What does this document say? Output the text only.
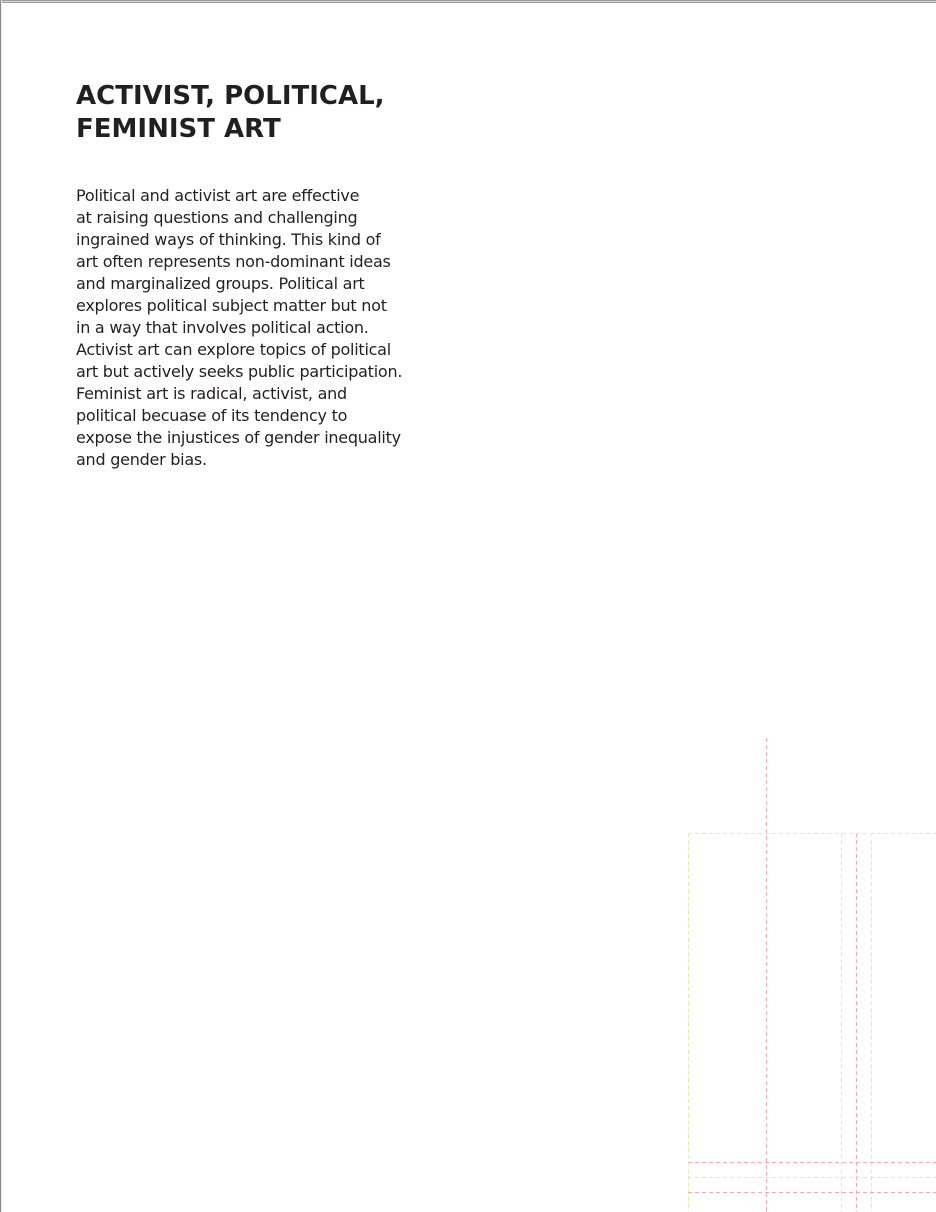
ACTIVIST, POLITICAL,
FEMINIST ART

Political and activist art are effective
at raising questions and challenging
ingrained ways of thinking. This kind of
art often represents non-dominant ideas
and marginalized groups. Political art
explores political subject matter but not
in a way that involves political action.
Activist art can explore topics of political
art but actively seeks public participation.
Feminist art is radical, activist, and
political becuase of its tendency to
expose the injustices of gender inequality
and gender bias.
